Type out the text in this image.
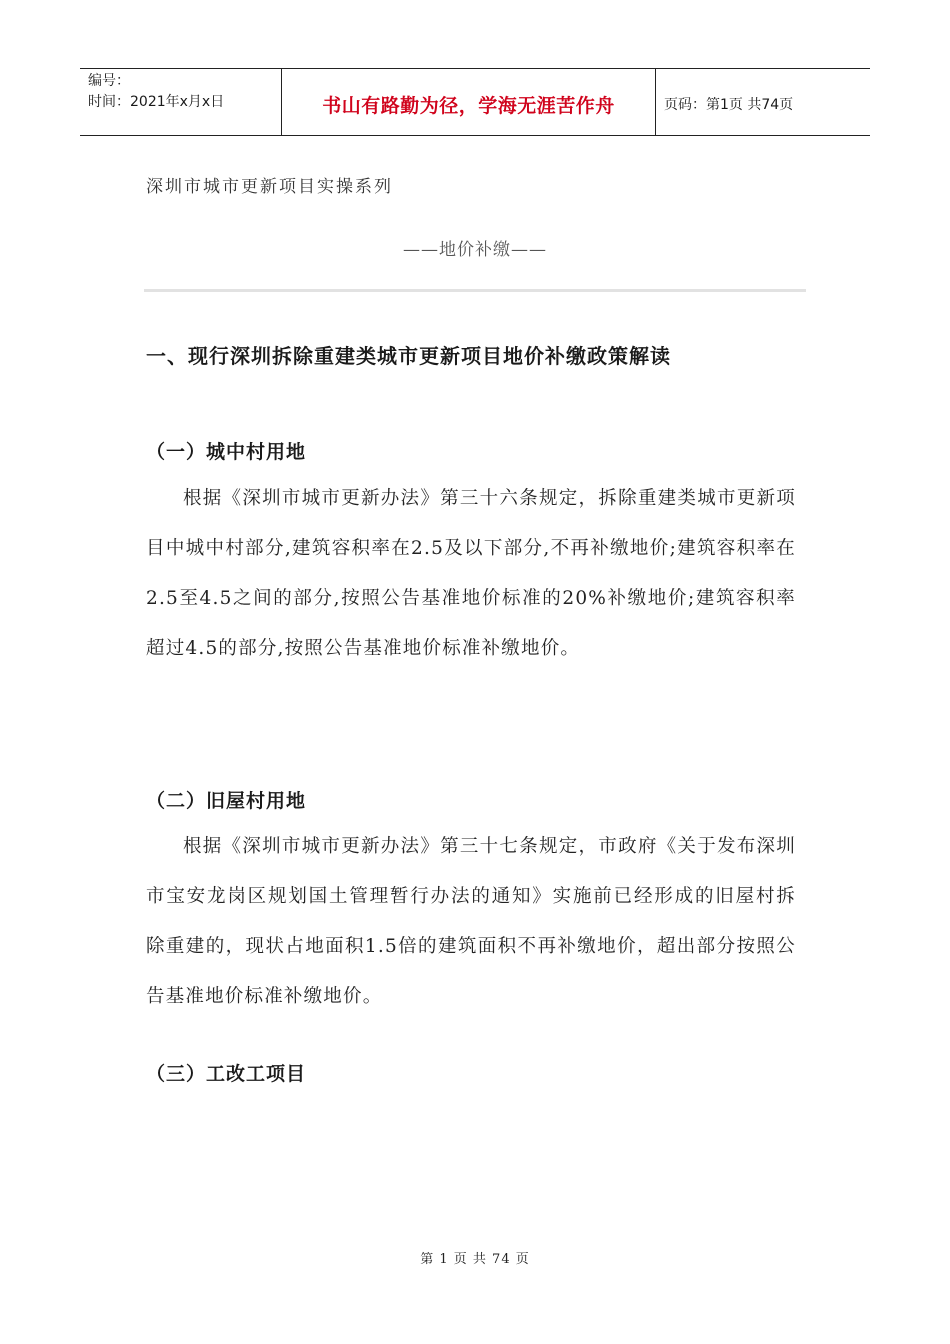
编号：
时间：2021年x月x日	书山有路勤为径，学海无涯苦作舟	页码：第1页 共74页
深圳市城市更新项目实操系列
——地价补缴——
一、现行深圳拆除重建类城市更新项目地价补缴政策解读
（一）城中村用地
根据《深圳市城市更新办法》第三十六条规定，拆除重建类城市更新项目中城中村部分,建筑容积率在2.5及以下部分,不再补缴地价;建筑容积率在2.5至4.5之间的部分,按照公告基准地价标准的20%补缴地价;建筑容积率超过4.5的部分,按照公告基准地价标准补缴地价。
（二）旧屋村用地
根据《深圳市城市更新办法》第三十七条规定，市政府《关于发布深圳市宝安龙岗区规划国土管理暂行办法的通知》实施前已经形成的旧屋村拆除重建的，现状占地面积1.5倍的建筑面积不再补缴地价，超出部分按照公告基准地价标准补缴地价。
（三）工改工项目
第 1 页 共 74 页
